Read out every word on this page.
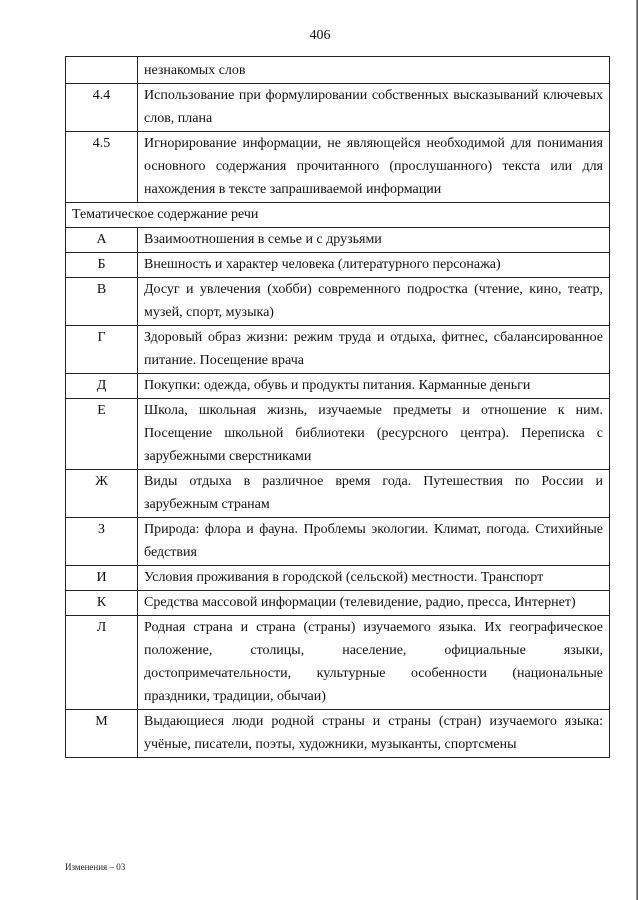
406
	незнакомых слов
4.4	Использование при формулировании собственных высказываний ключевых слов, плана
4.5	Игнорирование информации, не являющейся необходимой для понимания основного содержания прочитанного (прослушанного) текста или для нахождения в тексте запрашиваемой информации
Тематическое содержание речи	
А	Взаимоотношения в семье и с друзьями
Б	Внешность и характер человека (литературного персонажа)
В	Досуг и увлечения (хобби) современного подростка (чтение, кино, театр, музей, спорт, музыка)
Г	Здоровый образ жизни: режим труда и отдыха, фитнес, сбалансированное питание. Посещение врача
Д	Покупки: одежда, обувь и продукты питания. Карманные деньги
Е	Школа, школьная жизнь, изучаемые предметы и отношение к ним. Посещение школьной библиотеки (ресурсного центра). Переписка с зарубежными сверстниками
Ж	Виды отдыха в различное время года. Путешествия по России и зарубежным странам
З	Природа: флора и фауна. Проблемы экологии. Климат, погода. Стихийные бедствия
И	Условия проживания в городской (сельской) местности. Транспорт
К	Средства массовой информации (телевидение, радио, пресса, Интернет)
Л	Родная страна и страна (страны) изучаемого языка. Их географическое положение, столицы, население, официальные языки, достопримечательности, культурные особенности (национальные праздники, традиции, обычаи)
М	Выдающиеся люди родной страны и страны (стран) изучаемого языка: учёные, писатели, поэты, художники, музыканты, спортсмены
Изменения – 03
